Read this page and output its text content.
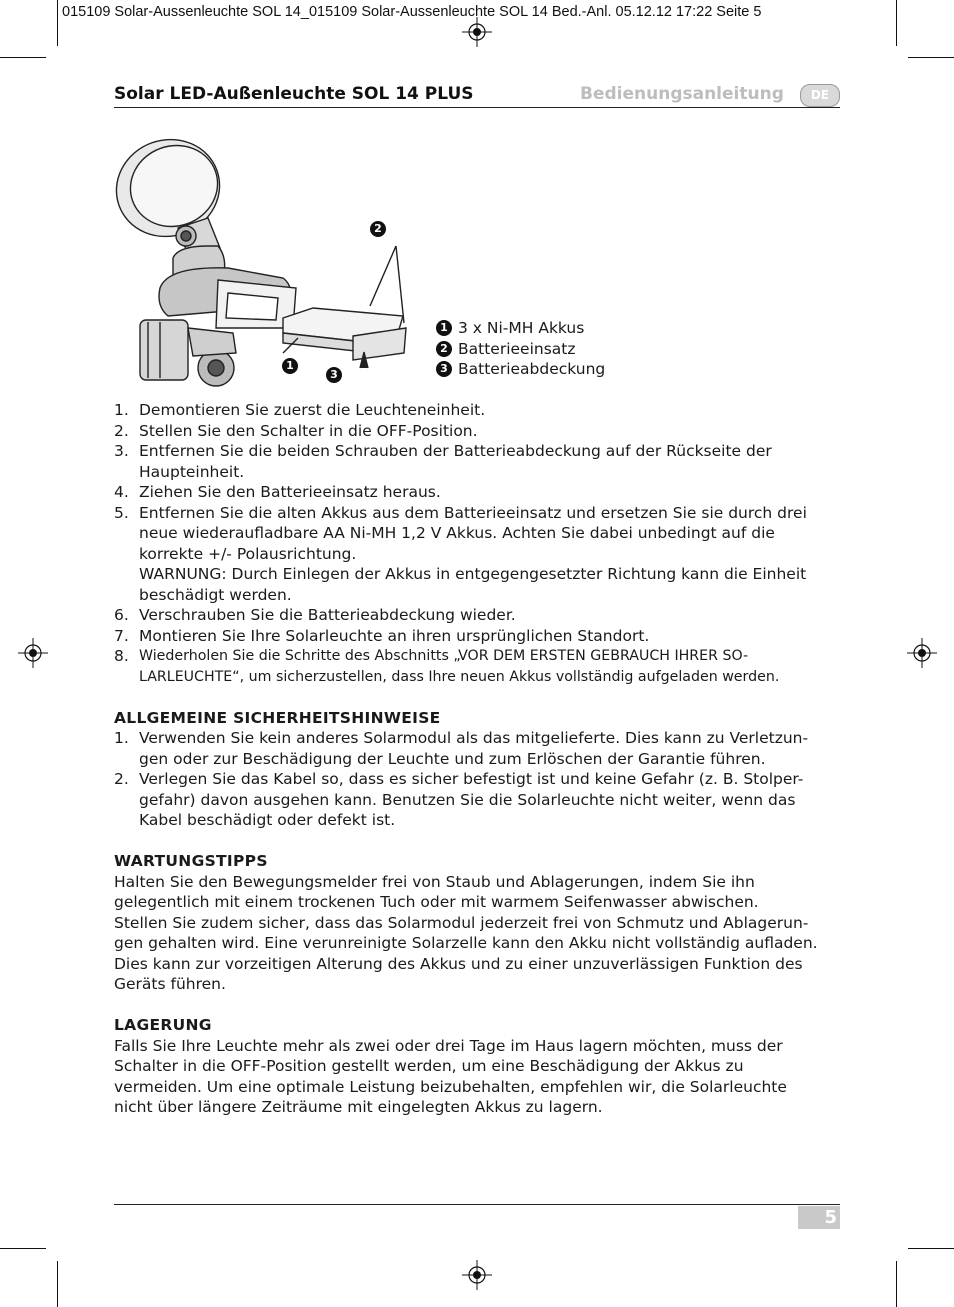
015109 Solar-Aussenleuchte SOL 14_015109 Solar-Aussenleuchte SOL 14 Bed.-Anl. 05.12.12 17:22 Seite 5
Solar LED-Außenleuchte SOL 14 PLUS	Bedienungsanleitung	DE
2
1
3
1 3 x Ni-MH Akkus
2 Batterieeinsatz
3 Batterieabdeckung
1. Demontieren Sie zuerst die Leuchteneinheit.
2. Stellen Sie den Schalter in die OFF-Position.
3. Entfernen Sie die beiden Schrauben der Batterieabdeckung auf der Rückseite der
Haupteinheit.
4. Ziehen Sie den Batterieeinsatz heraus.
5. Entfernen Sie die alten Akkus aus dem Batterieeinsatz und ersetzen Sie sie durch drei
neue wiederaufladbare AA Ni-MH 1,2 V Akkus. Achten Sie dabei unbedingt auf die
korrekte +/- Polausrichtung.
WARNUNG: Durch Einlegen der Akkus in entgegengesetzter Richtung kann die Einheit
beschädigt werden.
6. Verschrauben Sie die Batterieabdeckung wieder.
7. Montieren Sie Ihre Solarleuchte an ihren ursprünglichen Standort.
8. Wiederholen Sie die Schritte des Abschnitts „VOR DEM ERSTEN GEBRAUCH IHRER SO-
LARLEUCHTE“, um sicherzustellen, dass Ihre neuen Akkus vollständig aufgeladen werden.
ALLGEMEINE SICHERHEITSHINWEISE
1. Verwenden Sie kein anderes Solarmodul als das mitgelieferte. Dies kann zu Verletzun-
gen oder zur Beschädigung der Leuchte und zum Erlöschen der Garantie führen.
2. Verlegen Sie das Kabel so, dass es sicher befestigt ist und keine Gefahr (z. B. Stolper-
gefahr) davon ausgehen kann. Benutzen Sie die Solarleuchte nicht weiter, wenn das
Kabel beschädigt oder defekt ist.
WARTUNGSTIPPS
Halten Sie den Bewegungsmelder frei von Staub und Ablagerungen, indem Sie ihn
gelegentlich mit einem trockenen Tuch oder mit warmem Seifenwasser abwischen.
Stellen Sie zudem sicher, dass das Solarmodul jederzeit frei von Schmutz und Ablagerun-
gen gehalten wird. Eine verunreinigte Solarzelle kann den Akku nicht vollständig aufladen.
Dies kann zur vorzeitigen Alterung des Akkus und zu einer unzuverlässigen Funktion des
Geräts führen.
LAGERUNG
Falls Sie Ihre Leuchte mehr als zwei oder drei Tage im Haus lagern möchten, muss der
Schalter in die OFF-Position gestellt werden, um eine Beschädigung der Akkus zu
vermeiden. Um eine optimale Leistung beizubehalten, empfehlen wir, die Solarleuchte
nicht über längere Zeiträume mit eingelegten Akkus zu lagern.
5
